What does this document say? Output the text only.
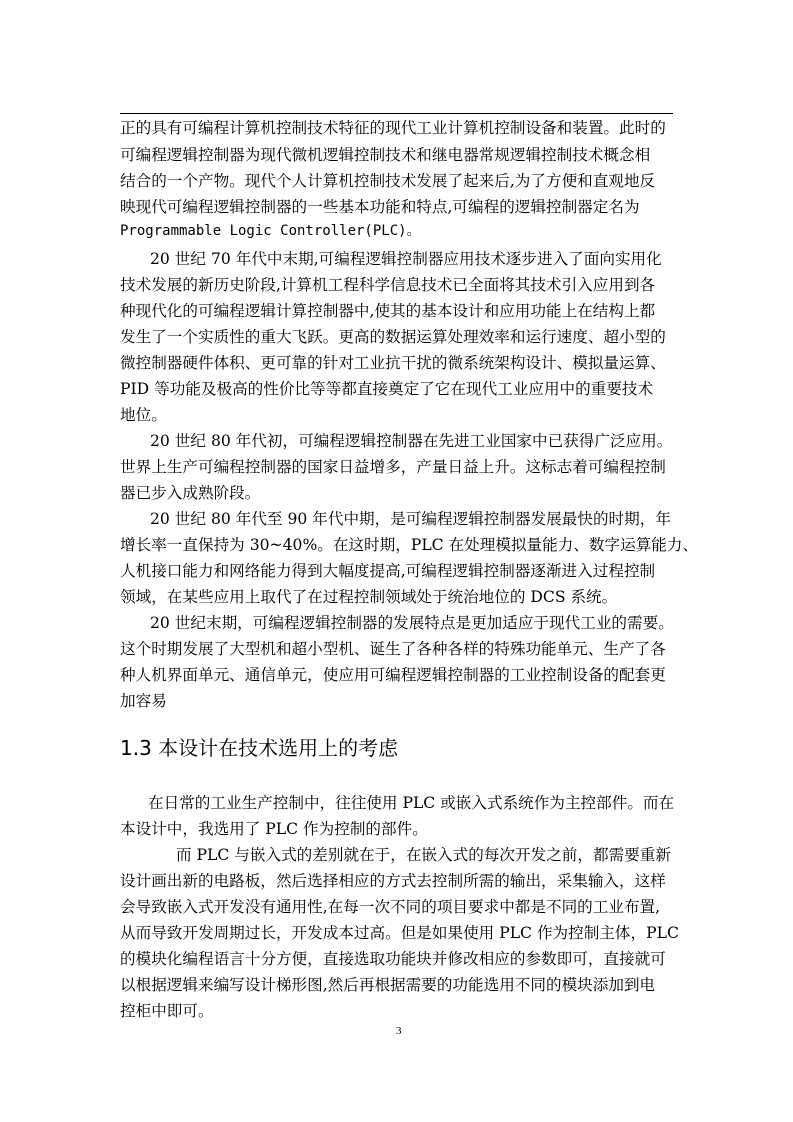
正的具有可编程计算机控制技术特征的现代工业计算机控制设备和装置。此时的
可编程逻辑控制器为现代微机逻辑控制技术和继电器常规逻辑控制技术概念相
结合的一个产物。现代个人计算机控制技术发展了起来后,为了方便和直观地反
映现代可编程逻辑控制器的一些基本功能和特点,可编程的逻辑控制器定名为
Programmable Logic Controller(PLC)。
20 世纪 70 年代中末期,可编程逻辑控制器应用技术逐步进入了面向实用化
技术发展的新历史阶段,计算机工程科学信息技术已全面将其技术引入应用到各
种现代化的可编程逻辑计算控制器中,使其的基本设计和应用功能上在结构上都
发生了一个实质性的重大飞跃。更高的数据运算处理效率和运行速度、超小型的
微控制器硬件体积、更可靠的针对工业抗干扰的微系统架构设计、模拟量运算、
PID 等功能及极高的性价比等等都直接奠定了它在现代工业应用中的重要技术
地位。
20 世纪 80 年代初，可编程逻辑控制器在先进工业国家中已获得广泛应用。
世界上生产可编程控制器的国家日益增多，产量日益上升。这标志着可编程控制
器已步入成熟阶段。
20 世纪 80 年代至 90 年代中期，是可编程逻辑控制器发展最快的时期，年
增长率一直保持为 30~40%。在这时期，PLC 在处理模拟量能力、数字运算能力、
人机接口能力和网络能力得到大幅度提高,可编程逻辑控制器逐渐进入过程控制
领域，在某些应用上取代了在过程控制领域处于统治地位的 DCS 系统。
20 世纪末期，可编程逻辑控制器的发展特点是更加适应于现代工业的需要。
这个时期发展了大型机和超小型机、诞生了各种各样的特殊功能单元、生产了各
种人机界面单元、通信单元，使应用可编程逻辑控制器的工业控制设备的配套更
加容易
1.3 本设计在技术选用上的考虑
在日常的工业生产控制中，往往使用 PLC 或嵌入式系统作为主控部件。而在
本设计中，我选用了 PLC 作为控制的部件。
而 PLC 与嵌入式的差别就在于，在嵌入式的每次开发之前，都需要重新
设计画出新的电路板，然后选择相应的方式去控制所需的输出，采集输入，这样
会导致嵌入式开发没有通用性,在每一次不同的项目要求中都是不同的工业布置,
从而导致开发周期过长，开发成本过高。但是如果使用 PLC 作为控制主体，PLC
的模块化编程语言十分方便，直接选取功能块并修改相应的参数即可，直接就可
以根据逻辑来编写设计梯形图,然后再根据需要的功能选用不同的模块添加到电
控柜中即可。
3
